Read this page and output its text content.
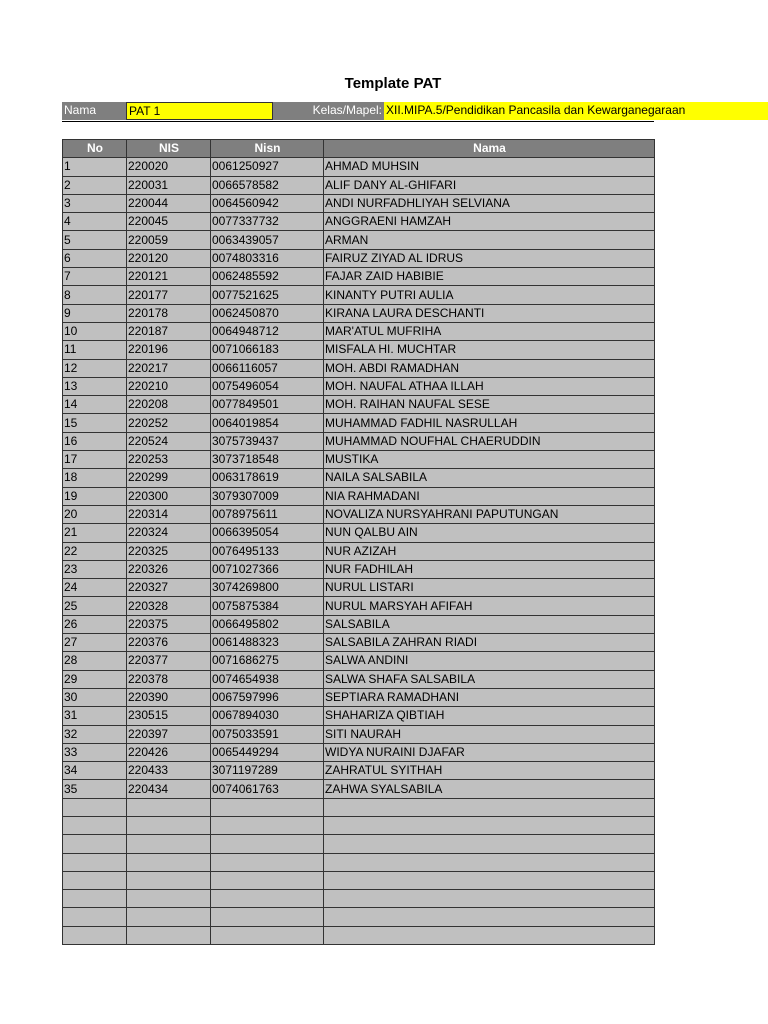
Template PAT
Nama	PAT 1	Kelas/Mapel: XII.MIPA.5/Pendidikan Pancasila dan Kewarganegaraan
No	NIS	Nisn	Nama
1	220020	0061250927	AHMAD MUHSIN
2	220031	0066578582	ALIF DANY AL-GHIFARI
3	220044	0064560942	ANDI NURFADHLIYAH SELVIANA
4	220045	0077337732	ANGGRAENI HAMZAH
5	220059	0063439057	ARMAN
6	220120	0074803316	FAIRUZ ZIYAD AL IDRUS
7	220121	0062485592	FAJAR ZAID HABIBIE
8	220177	0077521625	KINANTY PUTRI AULIA
9	220178	0062450870	KIRANA LAURA DESCHANTI
10	220187	0064948712	MAR'ATUL MUFRIHA
11	220196	0071066183	MISFALA HI. MUCHTAR
12	220217	0066116057	MOH. ABDI RAMADHAN
13	220210	0075496054	MOH. NAUFAL ATHAA ILLAH
14	220208	0077849501	MOH. RAIHAN NAUFAL SESE
15	220252	0064019854	MUHAMMAD FADHIL NASRULLAH
16	220524	3075739437	MUHAMMAD NOUFHAL CHAERUDDIN
17	220253	3073718548	MUSTIKA
18	220299	0063178619	NAILA SALSABILA
19	220300	3079307009	NIA RAHMADANI
20	220314	0078975611	NOVALIZA NURSYAHRANI PAPUTUNGAN
21	220324	0066395054	NUN QALBU AIN
22	220325	0076495133	NUR AZIZAH
23	220326	0071027366	NUR FADHILAH
24	220327	3074269800	NURUL LISTARI
25	220328	0075875384	NURUL MARSYAH AFIFAH
26	220375	0066495802	SALSABILA
27	220376	0061488323	SALSABILA ZAHRAN RIADI
28	220377	0071686275	SALWA ANDINI
29	220378	0074654938	SALWA SHAFA SALSABILA
30	220390	0067597996	SEPTIARA RAMADHANI
31	230515	0067894030	SHAHARIZA QIBTIAH
32	220397	0075033591	SITI NAURAH
33	220426	0065449294	WIDYA NURAINI DJAFAR
34	220433	3071197289	ZAHRATUL SYITHAH
35	220434	0074061763	ZAHWA SYALSABILA
